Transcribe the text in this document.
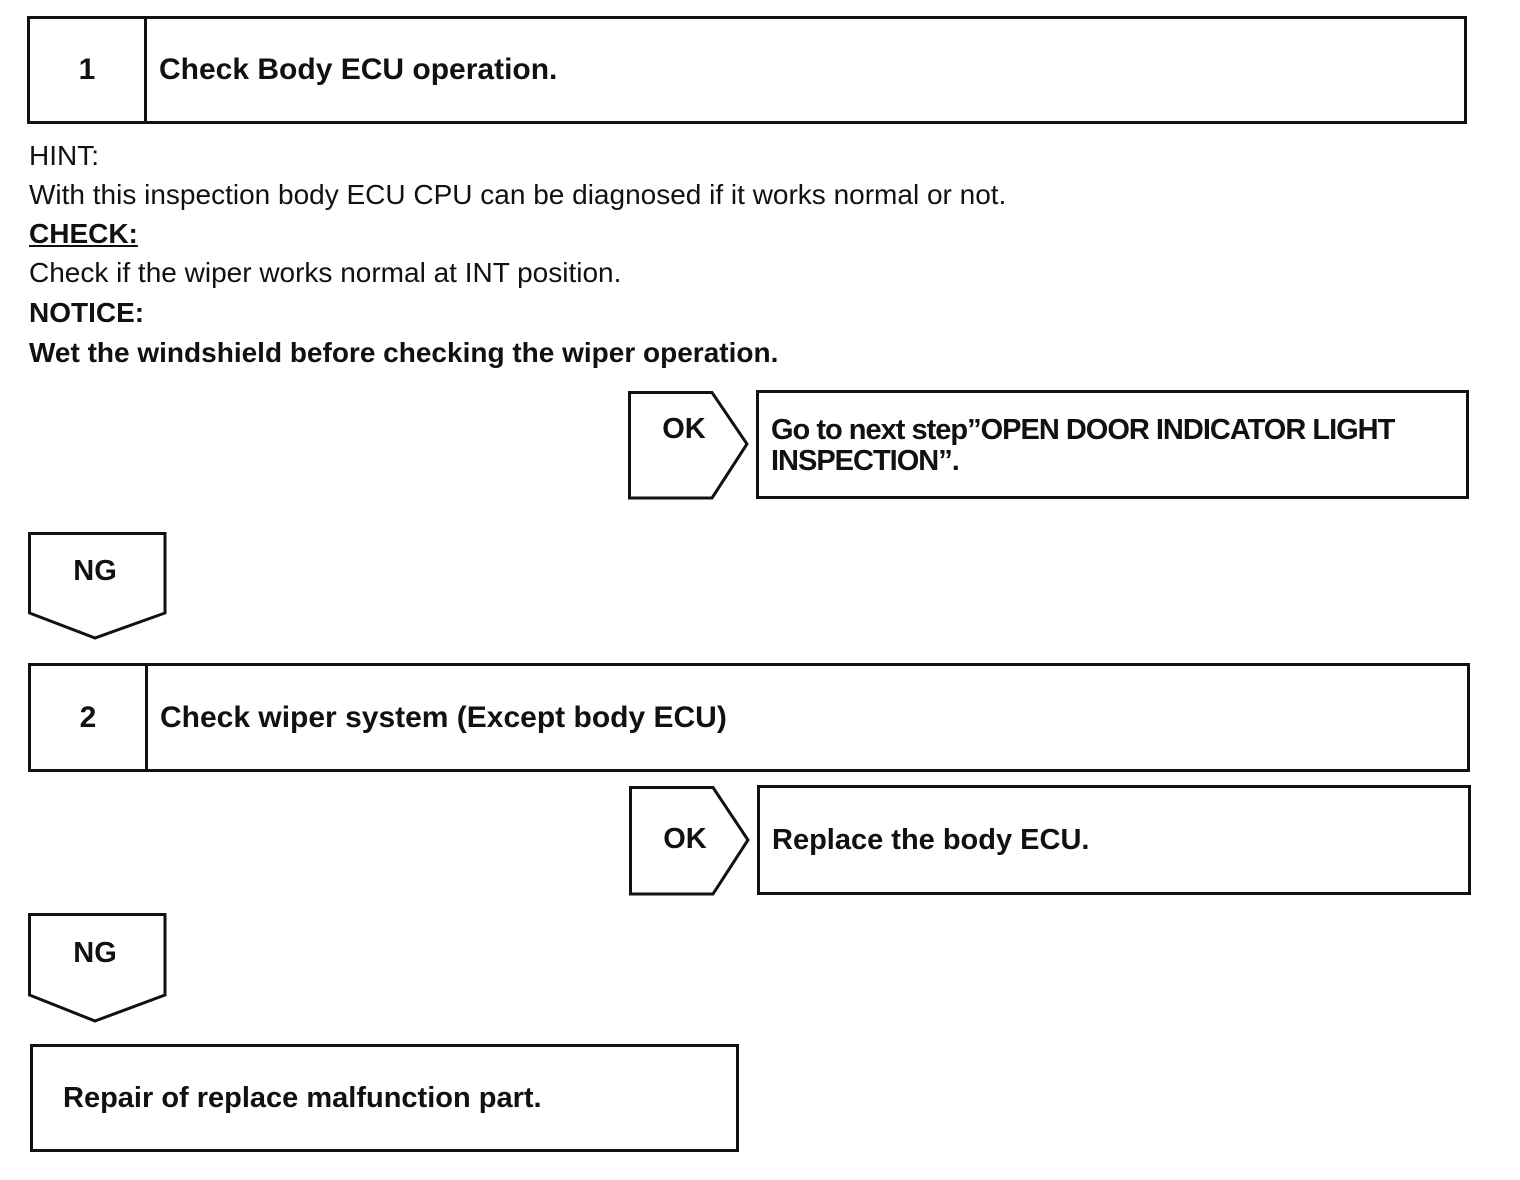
1	Check Body ECU operation.
HINT:
With this inspection body ECU CPU can be diagnosed if it works normal or not.
CHECK:
Check if the wiper works normal at INT position.
NOTICE:
Wet the windshield before checking the wiper operation.
OK	Go to next step”OPEN DOOR INDICATOR LIGHT
INSPECTION”.
NG
2	Check wiper system (Except body ECU)
OK	Replace the body ECU.
NG
Repair of replace malfunction part.
